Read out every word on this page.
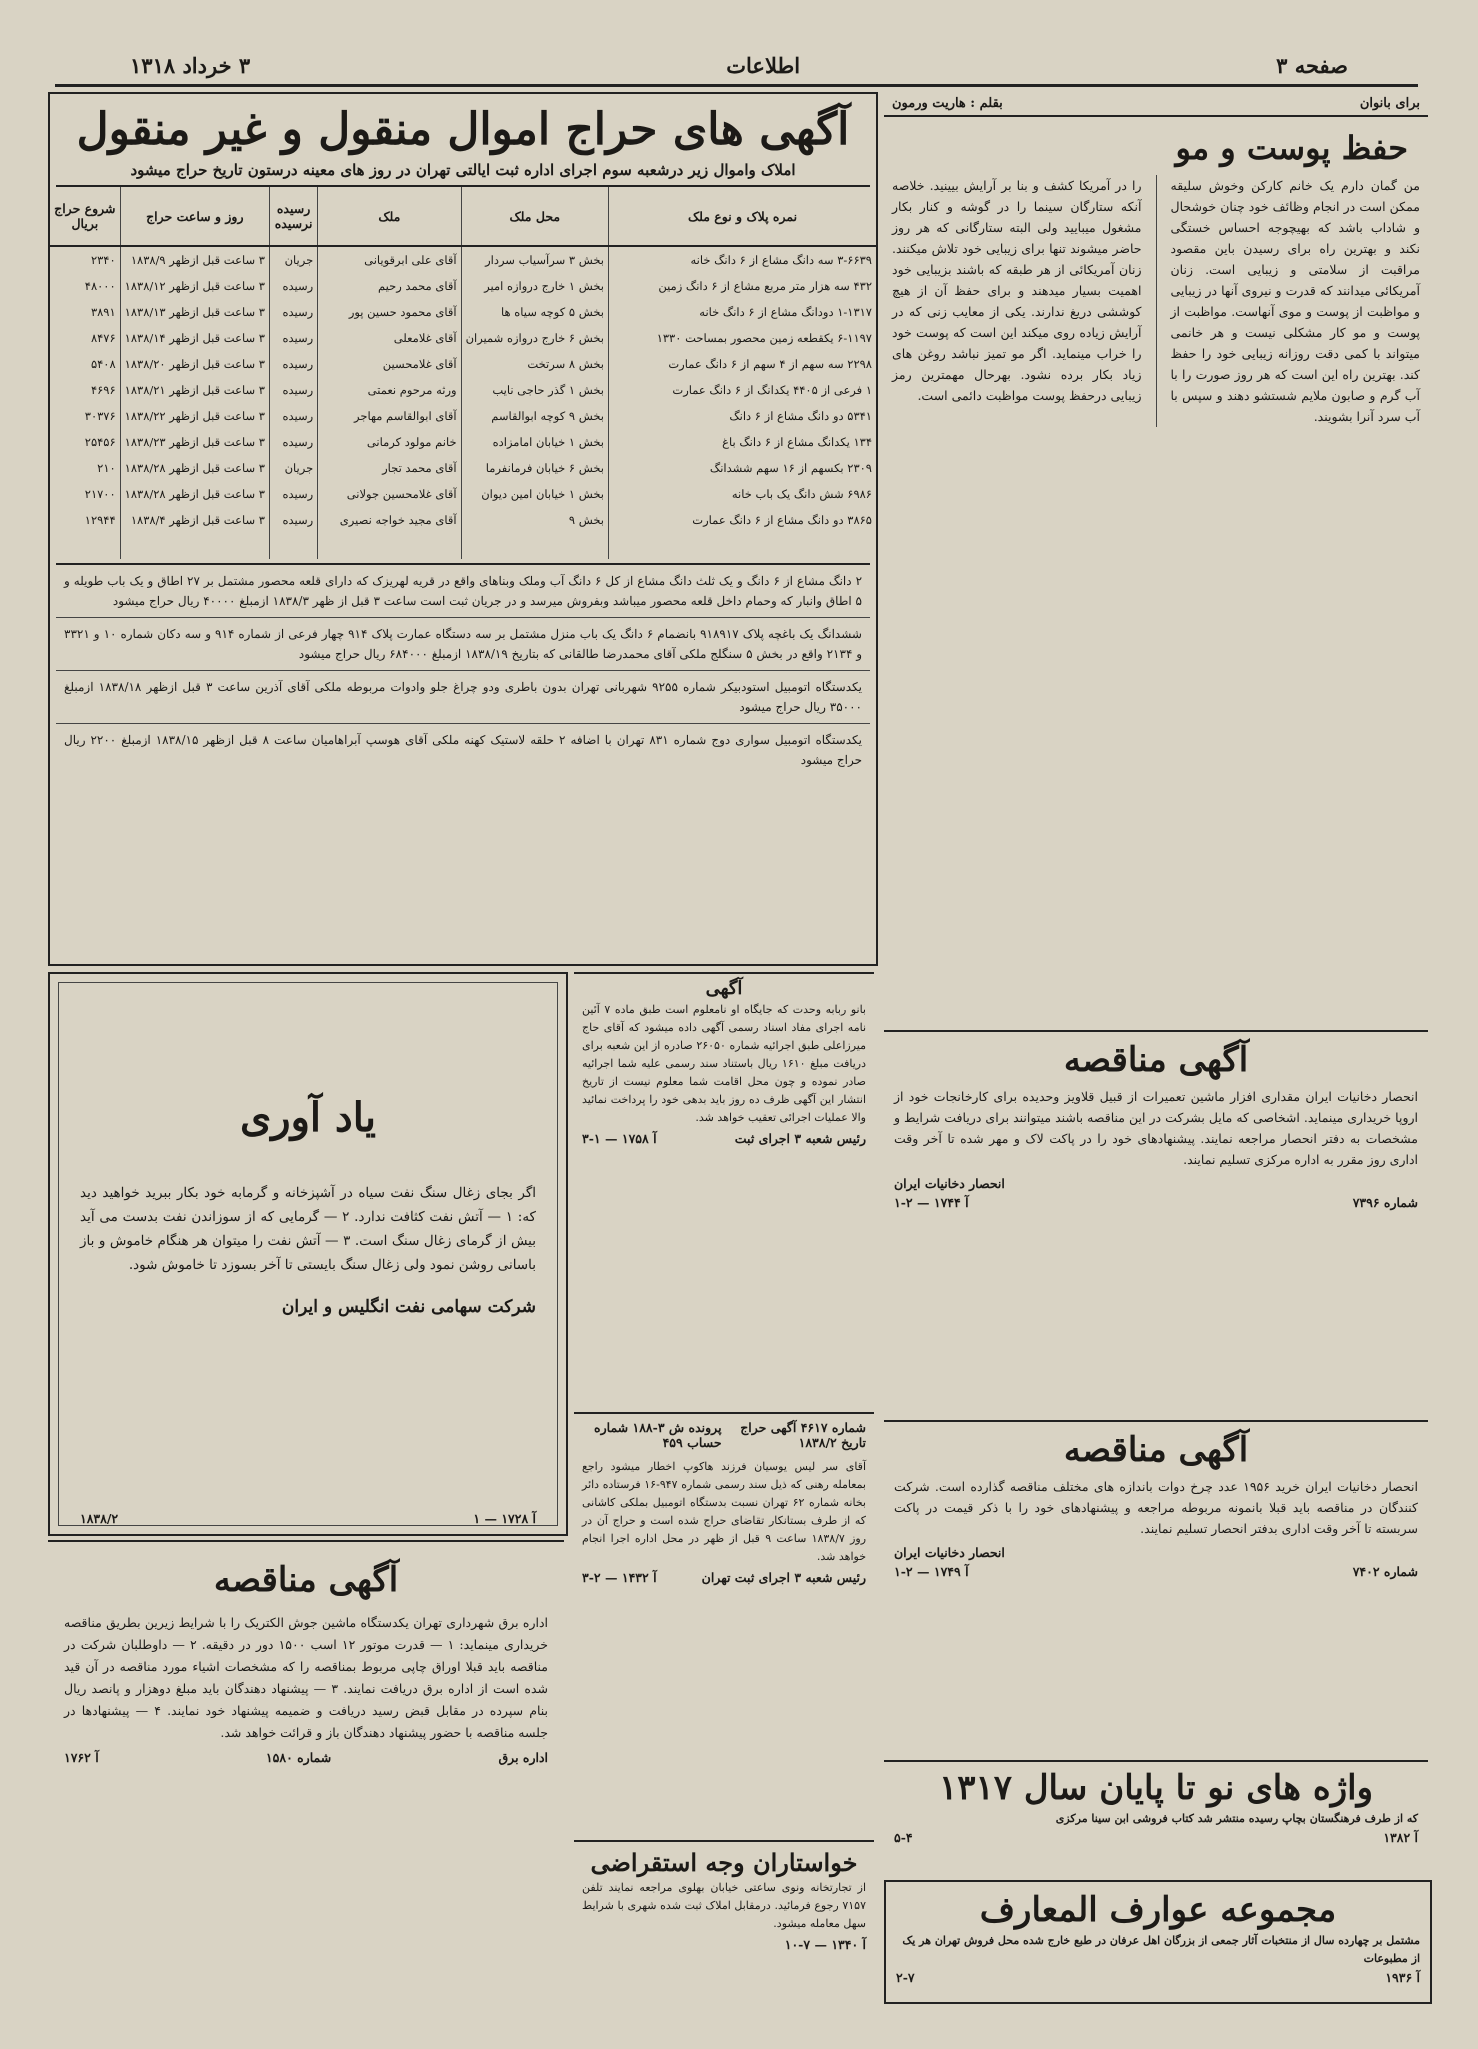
صفحه ۳
اطلاعات
۳ خرداد ۱۳۱۸
آگهی های حراج اموال منقول و غیر منقول
املاک واموال زیر درشعبه سوم اجرای اداره ثبت ایالتی تهران در روز های معینه درستون تاریخ حراج میشود
نمره پلاک و نوع ملک	محل ملک	ملک	رسیده نرسیده	روز و ساعت حراج	شروع حراج بریال
۳-۶۶۳۹ سه دانگ مشاع از ۶ دانگ خانه	بخش ۳ سرآسیاب سردار	آقای علی ابرقویانی	جریان	۳ ساعت قبل ازظهر ۱۸۳۸/۹	۲۳۴۰
۴۳۲ سه هزار متر مربع مشاع از ۶ دانگ زمین	بخش ۱ خارج دروازه امیر	آقای محمد رحیم	رسیده	۳ ساعت قبل ازظهر ۱۸۳۸/۱۲	۴۸۰۰۰
۱-۱۳۱۷ دودانگ مشاع از ۶ دانگ خانه	بخش ۵ کوچه سیاه ها	آقای محمود حسین پور	رسیده	۳ ساعت قبل ازظهر ۱۸۳۸/۱۳	۳۸۹۱
۶-۱۱۹۷ یکقطعه زمین محصور بمساحت ۱۳۳۰	بخش ۶ خارج دروازه شمیران	آقای غلامعلی	رسیده	۳ ساعت قبل ازظهر ۱۸۳۸/۱۴	۸۴۷۶
۲۲۹۸ سه سهم از ۴ سهم از ۶ دانگ عمارت	بخش ۸ سرتخت	آقای غلامحسین	رسیده	۳ ساعت قبل ازظهر ۱۸۳۸/۲۰	۵۴۰۸
۱ فرعی از ۴۴۰۵ یکدانگ از ۶ دانگ عمارت	بخش ۱ گذر حاجی نایب	ورثه مرحوم نعمتی	رسیده	۳ ساعت قبل ازظهر ۱۸۳۸/۲۱	۴۶۹۶
۵۳۴۱ دو دانگ مشاع از ۶ دانگ	بخش ۹ کوچه ابوالقاسم	آقای ابوالقاسم مهاجر	رسیده	۳ ساعت قبل ازظهر ۱۸۳۸/۲۲	۳۰۳۷۶
۱۳۴ یکدانگ مشاع از ۶ دانگ باغ	بخش ۱ خیابان امامزاده	خانم مولود کرمانی	رسیده	۳ ساعت قبل ازظهر ۱۸۳۸/۲۳	۲۵۴۵۶
۲۳۰۹ بکسهم از ۱۶ سهم ششدانگ	بخش ۶ خیابان فرمانفرما	آقای محمد تجار	جریان	۳ ساعت قبل ازظهر ۱۸۳۸/۲۸	۲۱۰
۶۹۸۶ شش دانگ یک باب خانه	بخش ۱ خیابان امین دیوان	آقای غلامحسین جولانی	رسیده	۳ ساعت قبل ازظهر ۱۸۳۸/۲۸	۲۱۷۰۰
۳۸۶۵ دو دانگ مشاع از ۶ دانگ عمارت	بخش ۹	آقای مجید خواجه نصیری	رسیده	۳ ساعت قبل ازظهر ۱۸۳۸/۴	۱۲۹۴۴

۲ دانگ مشاع از ۶ دانگ و یک ثلث دانگ مشاع از کل ۶ دانگ آب وملک وبناهای واقع در قریه لهریزک که دارای قلعه محصور مشتمل بر ۲۷ اطاق و یک باب طویله و ۵ اطاق وانبار که وحمام داخل قلعه محصور میباشد وبفروش میرسد و در جریان ثبت است ساعت ۳ قبل از ظهر ۱۸۳۸/۳ ازمبلغ ۴۰۰۰۰ ریال حراج میشود
ششدانگ یک باغچه پلاک ۹۱۸۹۱۷ بانضمام ۶ دانگ یک باب منزل مشتمل بر سه دستگاه عمارت پلاک ۹۱۴ چهار فرعی از شماره ۹۱۴ و سه دکان شماره ۱۰ و ۳۳۲۱ و ۲۱۳۴ واقع در بخش ۵ سنگلج ملکی آقای محمدرضا طالقانی که بتاریخ ۱۸۳۸/۱۹ ازمبلغ ۶۸۴۰۰۰ ریال حراج میشود
یکدستگاه اتومبیل استودبیکر شماره ۹۲۵۵ شهربانی تهران بدون باطری ودو چراغ جلو وادوات مربوطه ملکی آقای آذرین ساعت ۳ قبل ازظهر ۱۸۳۸/۱۸ ازمبلغ ۳۵۰۰۰ ریال حراج میشود
یکدستگاه اتومبیل سواری دوج شماره ۸۳۱ تهران با اضافه ۲ حلقه لاستیک کهنه ملکی آقای هوسپ آبراهامیان ساعت ۸ قبل ازظهر ۱۸۳۸/۱۵ ازمبلغ ۲۲۰۰ ریال حراج میشود
برای بانوان
بقلم : هاریت ورمون
حفظ پوست و مو
من گمان دارم یک خانم کارکن وخوش سلیقه ممکن است در انجام وظائف خود چنان خوشحال و شاداب باشد که بهیچوجه احساس خستگی نکند و بهترین راه برای رسیدن باین مقصود مراقبت از سلامتی و زیبایی است. زنان آمریکائی میدانند که قدرت و نیروی آنها در زیبایی و مواظبت از پوست و موی آنهاست. مواظبت از پوست و مو کار مشکلی نیست و هر خانمی میتواند با کمی دقت روزانه زیبایی خود را حفظ کند. بهترین راه این است که هر روز صورت را با آب گرم و صابون ملایم شستشو دهند و سپس با آب سرد آنرا بشویند.
را در آمریکا کشف و بنا بر آرایش بیینید. خلاصه آنکه ستارگان سینما را در گوشه و کنار بکار مشغول میبایید ولی البته ستارگانی که هر روز حاضر میشوند تنها برای زیبایی خود تلاش میکنند. زنان آمریکائی از هر طبقه که باشند بزیبایی خود اهمیت بسیار میدهند و برای حفظ آن از هیچ کوششی دریغ ندارند. یکی از معایب زنی که در آرایش زیاده روی میکند این است که پوست خود را خراب مینماید. اگر مو تمیز نباشد روغن های زیاد بکار برده نشود. بهرحال مهمترین رمز زیبایی درحفظ پوست مواظبت دائمی است.
آگهی مناقصه
انحصار دخانیات ایران مقداری افزار ماشین تعمیرات از قبیل قلاویز وحدیده برای کارخانجات خود از اروپا خریداری مینماید. اشخاصی که مایل بشرکت در این مناقصه باشند میتوانند برای دریافت شرایط و مشخصات به دفتر انحصار مراجعه نمایند. پیشنهادهای خود را در پاکت لاک و مهر شده تا آخر وقت اداری روز مقرر به اداره مرکزی تسلیم نمایند.
انحصار دخانیات ایران
شماره ۷۳۹۶
آ ۱۷۴۴ — ۲-۱
آگهی مناقصه
انحصار دخانیات ایران خرید ۱۹۵۶ عدد چرخ دوات باندازه های مختلف مناقصه گذارده است. شرکت کنندگان در مناقصه باید قبلا بانمونه مربوطه مراجعه و پیشنهادهای خود را با ذکر قیمت در پاکت سربسته تا آخر وقت اداری بدفتر انحصار تسلیم نمایند.
انحصار دخانیات ایران
شماره ۷۴۰۲
آ ۱۷۴۹ — ۲-۱
واژه های نو تا پایان سال ۱۳۱۷
که از طرف فرهنگستان بچاپ رسیده منتشر شد کتاب فروشی ابن سینا مرکزی
آ ۱۳۸۲
۵-۴
مجموعه عوارف المعارف
مشتمل بر چهارده سال از منتخبات آثار جمعی از بزرگان اهل عرفان در طبع خارج شده محل فروش تهران هر یک از مطبوعات
آ ۱۹۳۶
۲-۷
آگهی
بانو ربابه وحدت که جایگاه او نامعلوم است طبق ماده ۷ آئین نامه اجرای مفاد اسناد رسمی آگهی داده میشود که آقای حاج میرزاعلی طبق اجرائیه شماره ۲۶۰۵۰ صادره از این شعبه برای دریافت مبلغ ۱۶۱۰ ریال باستناد سند رسمی علیه شما اجرائیه صادر نموده و چون محل اقامت شما معلوم نیست از تاریخ انتشار این آگهی ظرف ده روز باید بدهی خود را پرداخت نمائید والا عملیات اجرائی تعقیب خواهد شد.
رئیس شعبه ۳ اجرای ثبت
آ ۱۷۵۸ — ۱-۳
شماره ۴۶۱۷ آگهی حراج تاریخ ۱۸۳۸/۲
پرونده ش ۳-۱۸۸ شماره حساب ۴۵۹
آقای سر لیس یوسیان فرزند هاکوپ اخطار میشود راجع بمعامله رهنی که ذیل سند رسمی شماره ۹۴۷-۱۶ فرستاده دائر بخانه شماره ۶۲ تهران نسبت بدستگاه اتومبیل بملکی کاشانی که از طرف بستانکار تقاضای حراج شده است و حراج آن در روز ۱۸۳۸/۷ ساعت ۹ قبل از ظهر در محل اداره اجرا انجام خواهد شد.
رئیس شعبه ۳ اجرای ثبت تهران
آ ۱۴۳۲ — ۲-۳
خواستاران وجه استقراضی
از تجارتخانه ونوی ساعتی خیابان بهلوی مراجعه نمایند تلفن ۷۱۵۷ رجوع فرمائید. درمقابل املاک ثبت شده شهری با شرایط سهل معامله میشود.
آ ۱۳۴۰ — ۷-۱۰
یاد آوری
اگر بجای زغال سنگ نفت سیاه در آشپزخانه و گرمابه خود بکار ببرید خواهید دید که: ۱ — آتش نفت کثافت ندارد. ۲ — گرمایی که از سوزاندن نفت بدست می آید بیش از گرمای زغال سنگ است. ۳ — آتش نفت را میتوان هر هنگام خاموش و باز باسانی روشن نمود ولی زغال سنگ بایستی تا آخر بسوزد تا خاموش شود.
شرکت سهامی نفت انگلیس و ایران
آ ۱۷۲۸ — ۱
۱۸۳۸/۲
آگهی مناقصه
اداره برق شهرداری تهران یکدستگاه ماشین جوش الکتریک را با شرایط زیرین بطریق مناقصه خریداری مینماید: ۱ — قدرت موتور ۱۲ اسب ۱۵۰۰ دور در دقیقه. ۲ — داوطلبان شرکت در مناقصه باید قبلا اوراق چاپی مربوط بمناقصه را که مشخصات اشیاء مورد مناقصه در آن قید شده است از اداره برق دریافت نمایند. ۳ — پیشنهاد دهندگان باید مبلغ دوهزار و پانصد ریال بنام سپرده در مقابل قبض رسید دریافت و ضمیمه پیشنهاد خود نمایند. ۴ — پیشنهادها در جلسه مناقصه با حضور پیشنهاد دهندگان باز و قرائت خواهد شد.
اداره برق
شماره ۱۵۸۰
آ ۱۷۶۲
